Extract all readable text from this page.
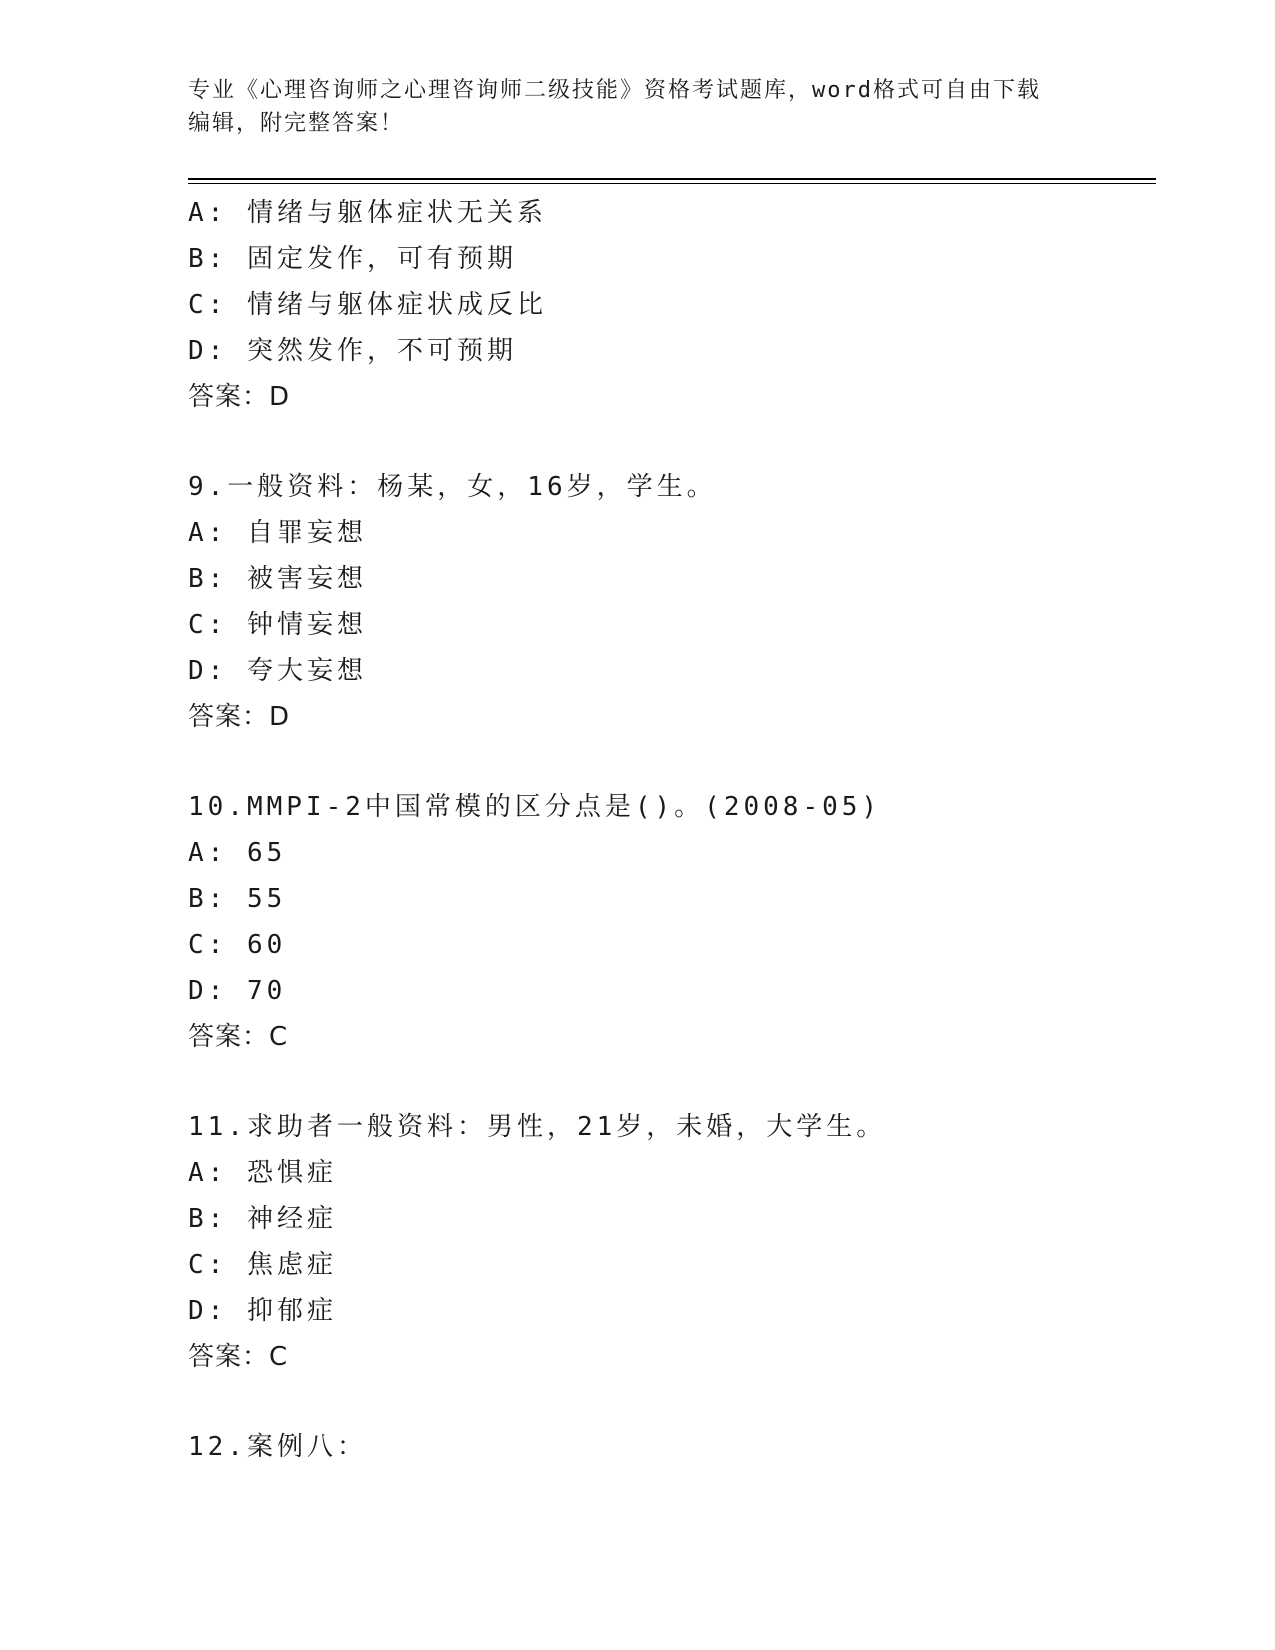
专业《心理咨询师之心理咨询师二级技能》资格考试题库，word格式可自由下载
编辑，附完整答案！
A: 情绪与躯体症状无关系
B: 固定发作，可有预期
C: 情绪与躯体症状成反比
D: 突然发作，不可预期
答案：D
9.一般资料：杨某，女，16岁，学生。
A: 自罪妄想
B: 被害妄想
C: 钟情妄想
D: 夸大妄想
答案：D
10.MMPI-2中国常模的区分点是()。(2008-05)
A: 65
B: 55
C: 60
D: 70
答案：C
11.求助者一般资料：男性，21岁，未婚，大学生。
A: 恐惧症
B: 神经症
C: 焦虑症
D: 抑郁症
答案：C
12.案例八：
